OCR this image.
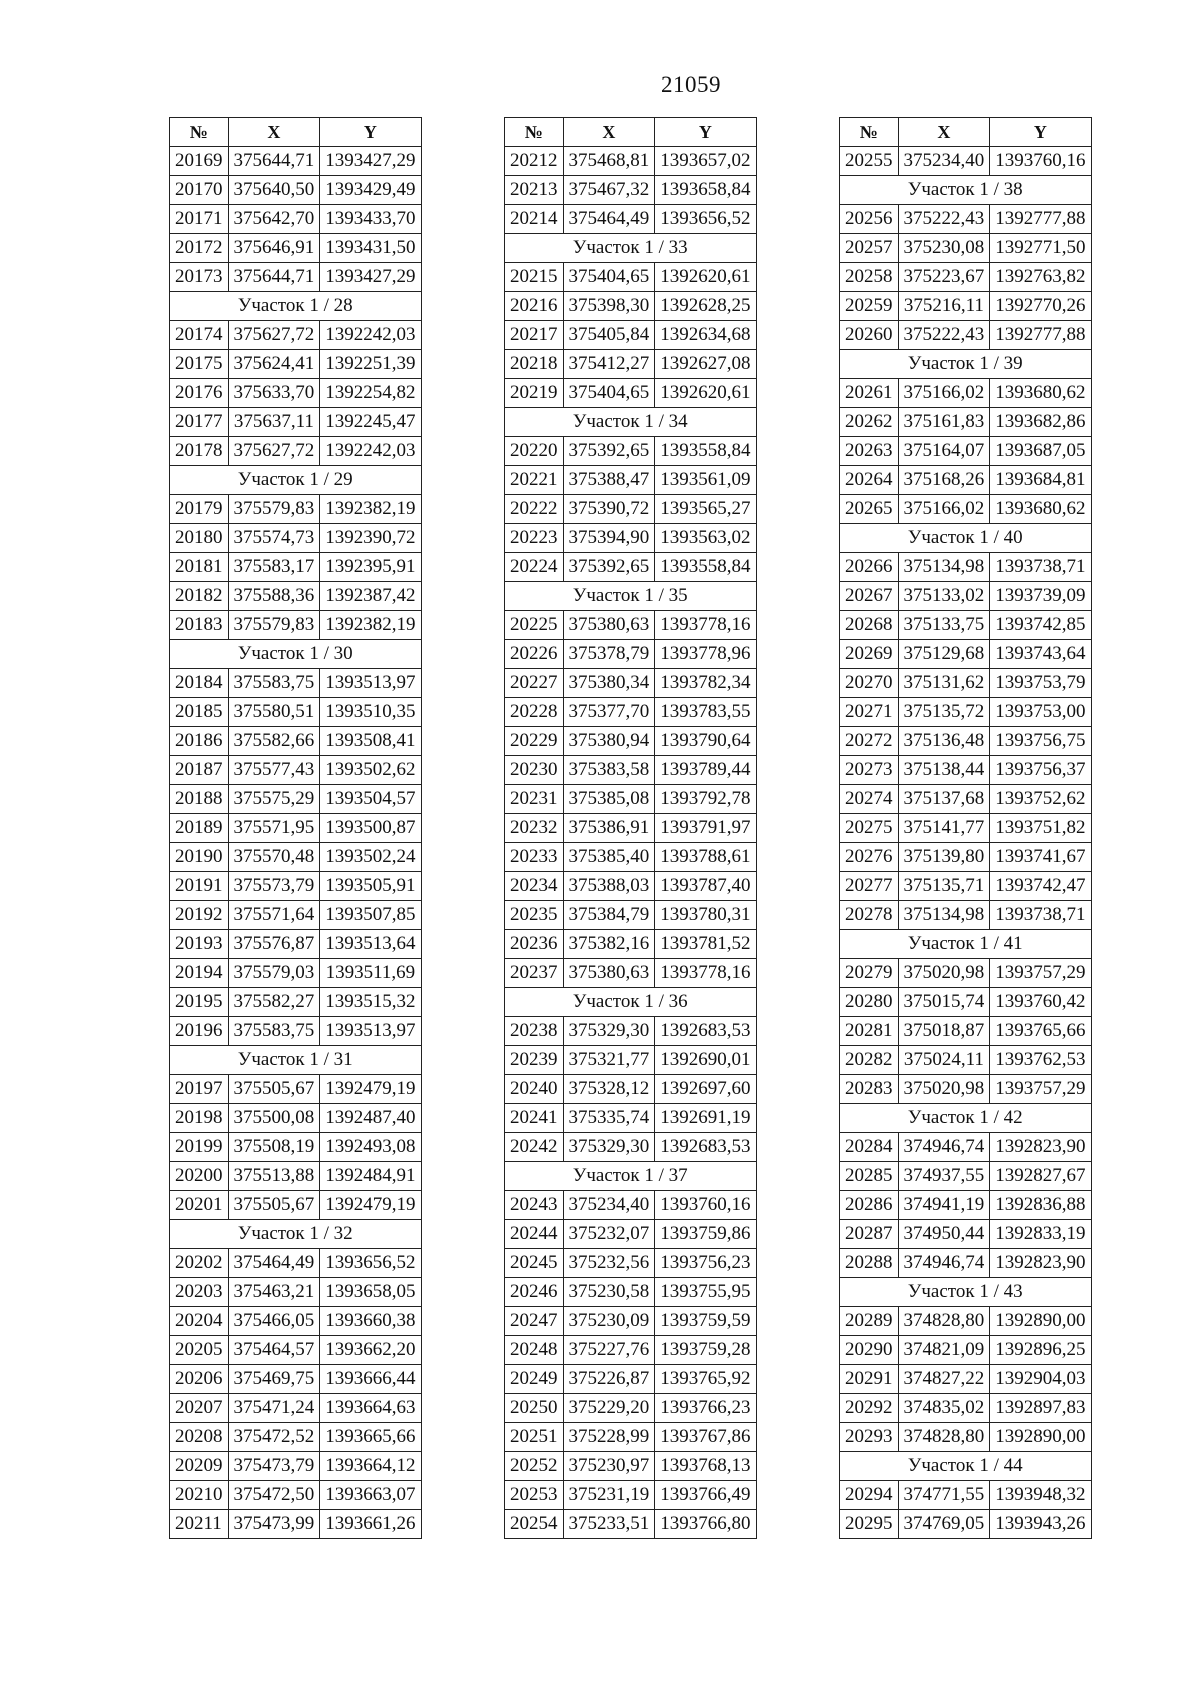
21059
№	X	Y
20169	375644,71	1393427,29
20170	375640,50	1393429,49
20171	375642,70	1393433,70
20172	375646,91	1393431,50
20173	375644,71	1393427,29
Участок 1 / 28		
20174	375627,72	1392242,03
20175	375624,41	1392251,39
20176	375633,70	1392254,82
20177	375637,11	1392245,47
20178	375627,72	1392242,03
Участок 1 / 29		
20179	375579,83	1392382,19
20180	375574,73	1392390,72
20181	375583,17	1392395,91
20182	375588,36	1392387,42
20183	375579,83	1392382,19
Участок 1 / 30		
20184	375583,75	1393513,97
20185	375580,51	1393510,35
20186	375582,66	1393508,41
20187	375577,43	1393502,62
20188	375575,29	1393504,57
20189	375571,95	1393500,87
20190	375570,48	1393502,24
20191	375573,79	1393505,91
20192	375571,64	1393507,85
20193	375576,87	1393513,64
20194	375579,03	1393511,69
20195	375582,27	1393515,32
20196	375583,75	1393513,97
Участок 1 / 31		
20197	375505,67	1392479,19
20198	375500,08	1392487,40
20199	375508,19	1392493,08
20200	375513,88	1392484,91
20201	375505,67	1392479,19
Участок 1 / 32		
20202	375464,49	1393656,52
20203	375463,21	1393658,05
20204	375466,05	1393660,38
20205	375464,57	1393662,20
20206	375469,75	1393666,44
20207	375471,24	1393664,63
20208	375472,52	1393665,66
20209	375473,79	1393664,12
20210	375472,50	1393663,07
20211	375473,99	1393661,26
№	X	Y
20212	375468,81	1393657,02
20213	375467,32	1393658,84
20214	375464,49	1393656,52
Участок 1 / 33		
20215	375404,65	1392620,61
20216	375398,30	1392628,25
20217	375405,84	1392634,68
20218	375412,27	1392627,08
20219	375404,65	1392620,61
Участок 1 / 34		
20220	375392,65	1393558,84
20221	375388,47	1393561,09
20222	375390,72	1393565,27
20223	375394,90	1393563,02
20224	375392,65	1393558,84
Участок 1 / 35		
20225	375380,63	1393778,16
20226	375378,79	1393778,96
20227	375380,34	1393782,34
20228	375377,70	1393783,55
20229	375380,94	1393790,64
20230	375383,58	1393789,44
20231	375385,08	1393792,78
20232	375386,91	1393791,97
20233	375385,40	1393788,61
20234	375388,03	1393787,40
20235	375384,79	1393780,31
20236	375382,16	1393781,52
20237	375380,63	1393778,16
Участок 1 / 36		
20238	375329,30	1392683,53
20239	375321,77	1392690,01
20240	375328,12	1392697,60
20241	375335,74	1392691,19
20242	375329,30	1392683,53
Участок 1 / 37		
20243	375234,40	1393760,16
20244	375232,07	1393759,86
20245	375232,56	1393756,23
20246	375230,58	1393755,95
20247	375230,09	1393759,59
20248	375227,76	1393759,28
20249	375226,87	1393765,92
20250	375229,20	1393766,23
20251	375228,99	1393767,86
20252	375230,97	1393768,13
20253	375231,19	1393766,49
20254	375233,51	1393766,80
№	X	Y
20255	375234,40	1393760,16
Участок 1 / 38		
20256	375222,43	1392777,88
20257	375230,08	1392771,50
20258	375223,67	1392763,82
20259	375216,11	1392770,26
20260	375222,43	1392777,88
Участок 1 / 39		
20261	375166,02	1393680,62
20262	375161,83	1393682,86
20263	375164,07	1393687,05
20264	375168,26	1393684,81
20265	375166,02	1393680,62
Участок 1 / 40		
20266	375134,98	1393738,71
20267	375133,02	1393739,09
20268	375133,75	1393742,85
20269	375129,68	1393743,64
20270	375131,62	1393753,79
20271	375135,72	1393753,00
20272	375136,48	1393756,75
20273	375138,44	1393756,37
20274	375137,68	1393752,62
20275	375141,77	1393751,82
20276	375139,80	1393741,67
20277	375135,71	1393742,47
20278	375134,98	1393738,71
Участок 1 / 41		
20279	375020,98	1393757,29
20280	375015,74	1393760,42
20281	375018,87	1393765,66
20282	375024,11	1393762,53
20283	375020,98	1393757,29
Участок 1 / 42		
20284	374946,74	1392823,90
20285	374937,55	1392827,67
20286	374941,19	1392836,88
20287	374950,44	1392833,19
20288	374946,74	1392823,90
Участок 1 / 43		
20289	374828,80	1392890,00
20290	374821,09	1392896,25
20291	374827,22	1392904,03
20292	374835,02	1392897,83
20293	374828,80	1392890,00
Участок 1 / 44		
20294	374771,55	1393948,32
20295	374769,05	1393943,26
